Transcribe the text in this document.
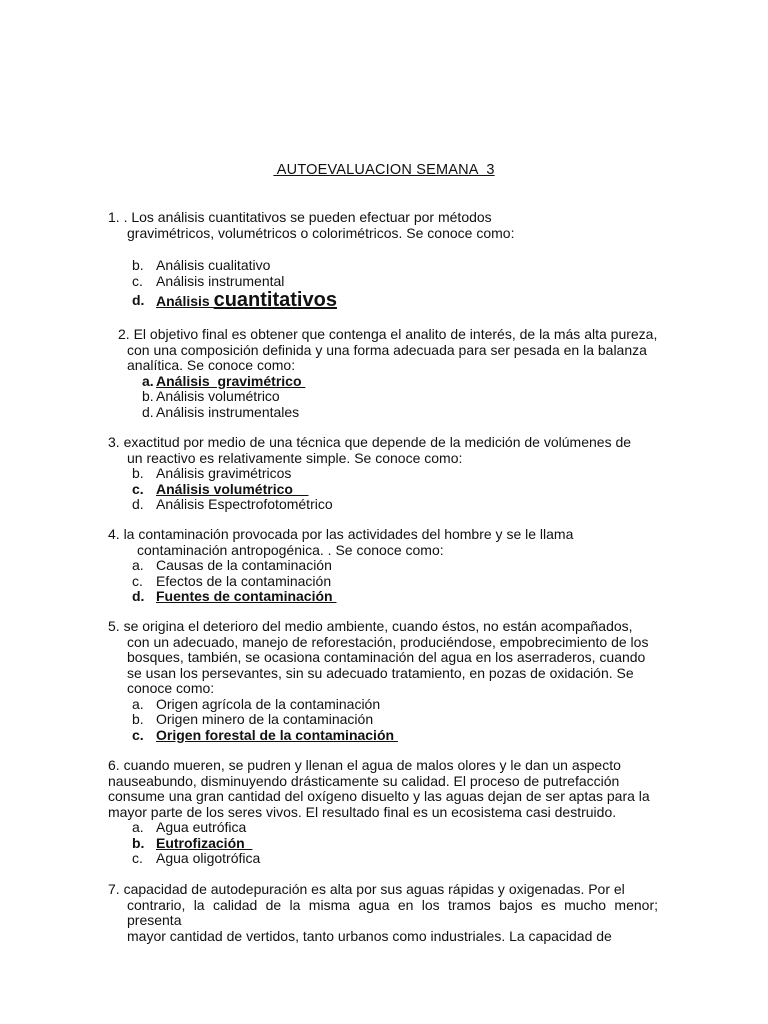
AUTOEVALUACION SEMANA  3

1. . Los análisis cuantitativos se pueden efectuar por métodos

gravimétricos, volumétricos o colorimétricos. Se conoce como:

b. Análisis cualitativo
c. Análisis instrumental
d. Análisis cuantitativos

2. El objetivo final es obtener que contenga el analito de interés, de la más alta pureza,

con una composición definida y una forma adecuada para ser pesada en la balanza

analítica. Se conoce como:

a. Análisis  gravimétrico
b. Análisis volumétrico
d. Análisis instrumentales

3. exactitud por medio de una técnica que depende de la medición de volúmenes de

un reactivo es relativamente simple. Se conoce como:

b. Análisis gravimétricos
c. Análisis volumétrico
d. Análisis Espectrofotométrico

4. la contaminación provocada por las actividades del hombre y se le llama

contaminación antropogénica. . Se conoce como:

a. Causas de la contaminación
c. Efectos de la contaminación
d. Fuentes de contaminación

5. se origina el deterioro del medio ambiente, cuando éstos, no están acompañados,

con un adecuado, manejo de reforestación, produciéndose, empobrecimiento de los

bosques, también, se ocasiona contaminación del agua en los aserraderos, cuando

se usan los persevantes, sin su adecuado tratamiento, en pozas de oxidación. Se

conoce como:

a. Origen agrícola de la contaminación
b. Origen minero de la contaminación
c. Origen forestal de la contaminación

6. cuando mueren, se pudren y llenan el agua de malos olores y le dan un aspecto

nauseabundo, disminuyendo drásticamente su calidad. El proceso de putrefacción

consume una gran cantidad del oxígeno disuelto y las aguas dejan de ser aptas para la

mayor parte de los seres vivos. El resultado final es un ecosistema casi destruido.

a. Agua eutrófica
b. Eutrofización
c. Agua oligotrófica

7. capacidad de autodepuración es alta por sus aguas rápidas y oxigenadas. Por el

contrario, la calidad de la misma agua en los tramos bajos es mucho menor; presenta

mayor cantidad de vertidos, tanto urbanos como industriales. La capacidad de
